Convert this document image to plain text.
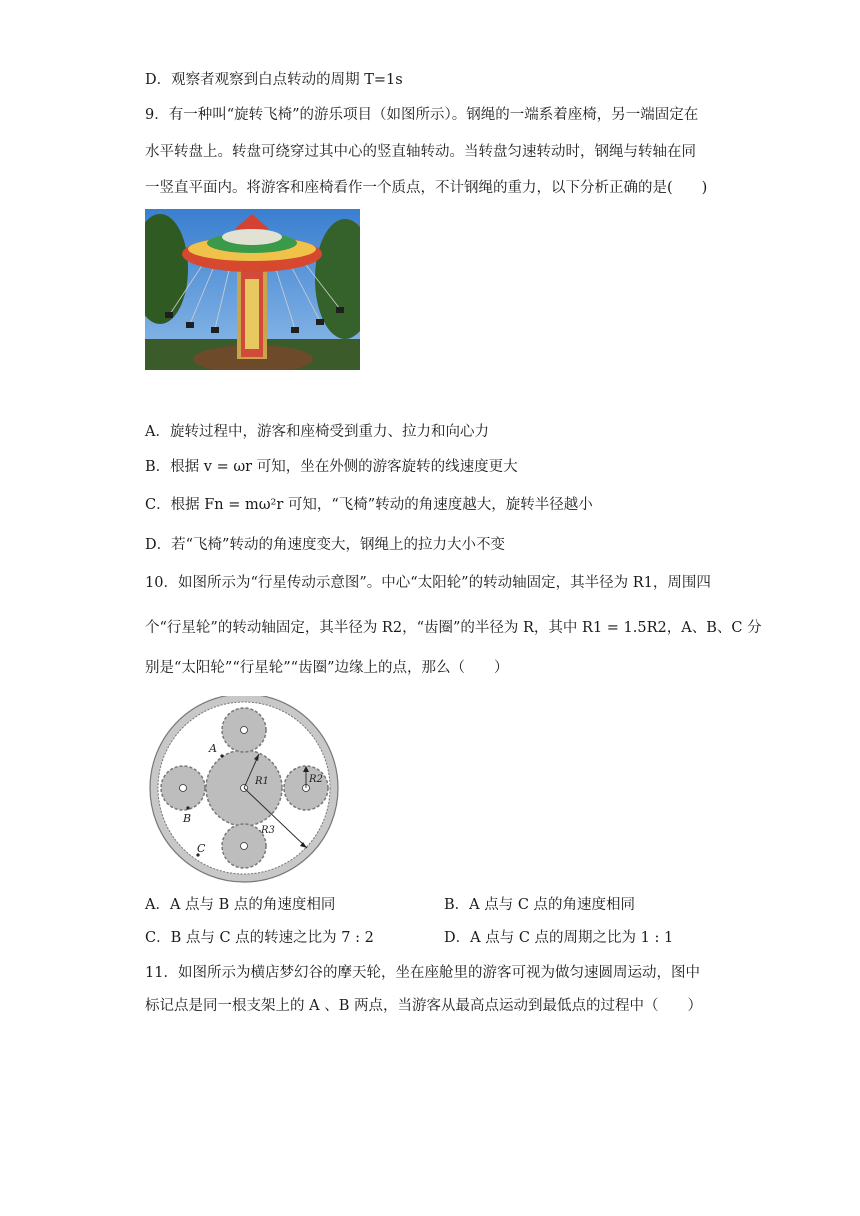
D．观察者观察到白点转动的周期 T=1s
9．有一种叫“旋转飞椅”的游乐项目（如图所示）。钢绳的一端系着座椅，另一端固定在
水平转盘上。转盘可绕穿过其中心的竖直轴转动。当转盘匀速转动时，钢绳与转轴在同
一竖直平面内。将游客和座椅看作一个质点，不计钢绳的重力，以下分析正确的是(　　)
A．旋转过程中，游客和座椅受到重力、拉力和向心力
B．根据 v = ωr 可知，坐在外侧的游客旋转的线速度更大
C．根据 Fn = mω²r 可知，“飞椅”转动的角速度越大，旋转半径越小
D．若“飞椅”转动的角速度变大，钢绳上的拉力大小不变
10．如图所示为“行星传动示意图”。中心“太阳轮”的转动轴固定，其半径为 R1，周围四
个“行星轮”的转动轴固定，其半径为 R2，“齿圈”的半径为 R，其中 R1 = 1.5R2，A、B、C 分
别是“太阳轮”“行星轮”“齿圈”边缘上的点，那么（　　）
A
B
C
R1	R2
R3
A．A 点与 B 点的角速度相同	B．A 点与 C 点的角速度相同
C．B 点与 C 点的转速之比为 7 : 2	D．A 点与 C 点的周期之比为 1 : 1
11．如图所示为横店梦幻谷的摩天轮，坐在座舱里的游客可视为做匀速圆周运动，图中
标记点是同一根支架上的 A 、B 两点，当游客从最高点运动到最低点的过程中（　　）
